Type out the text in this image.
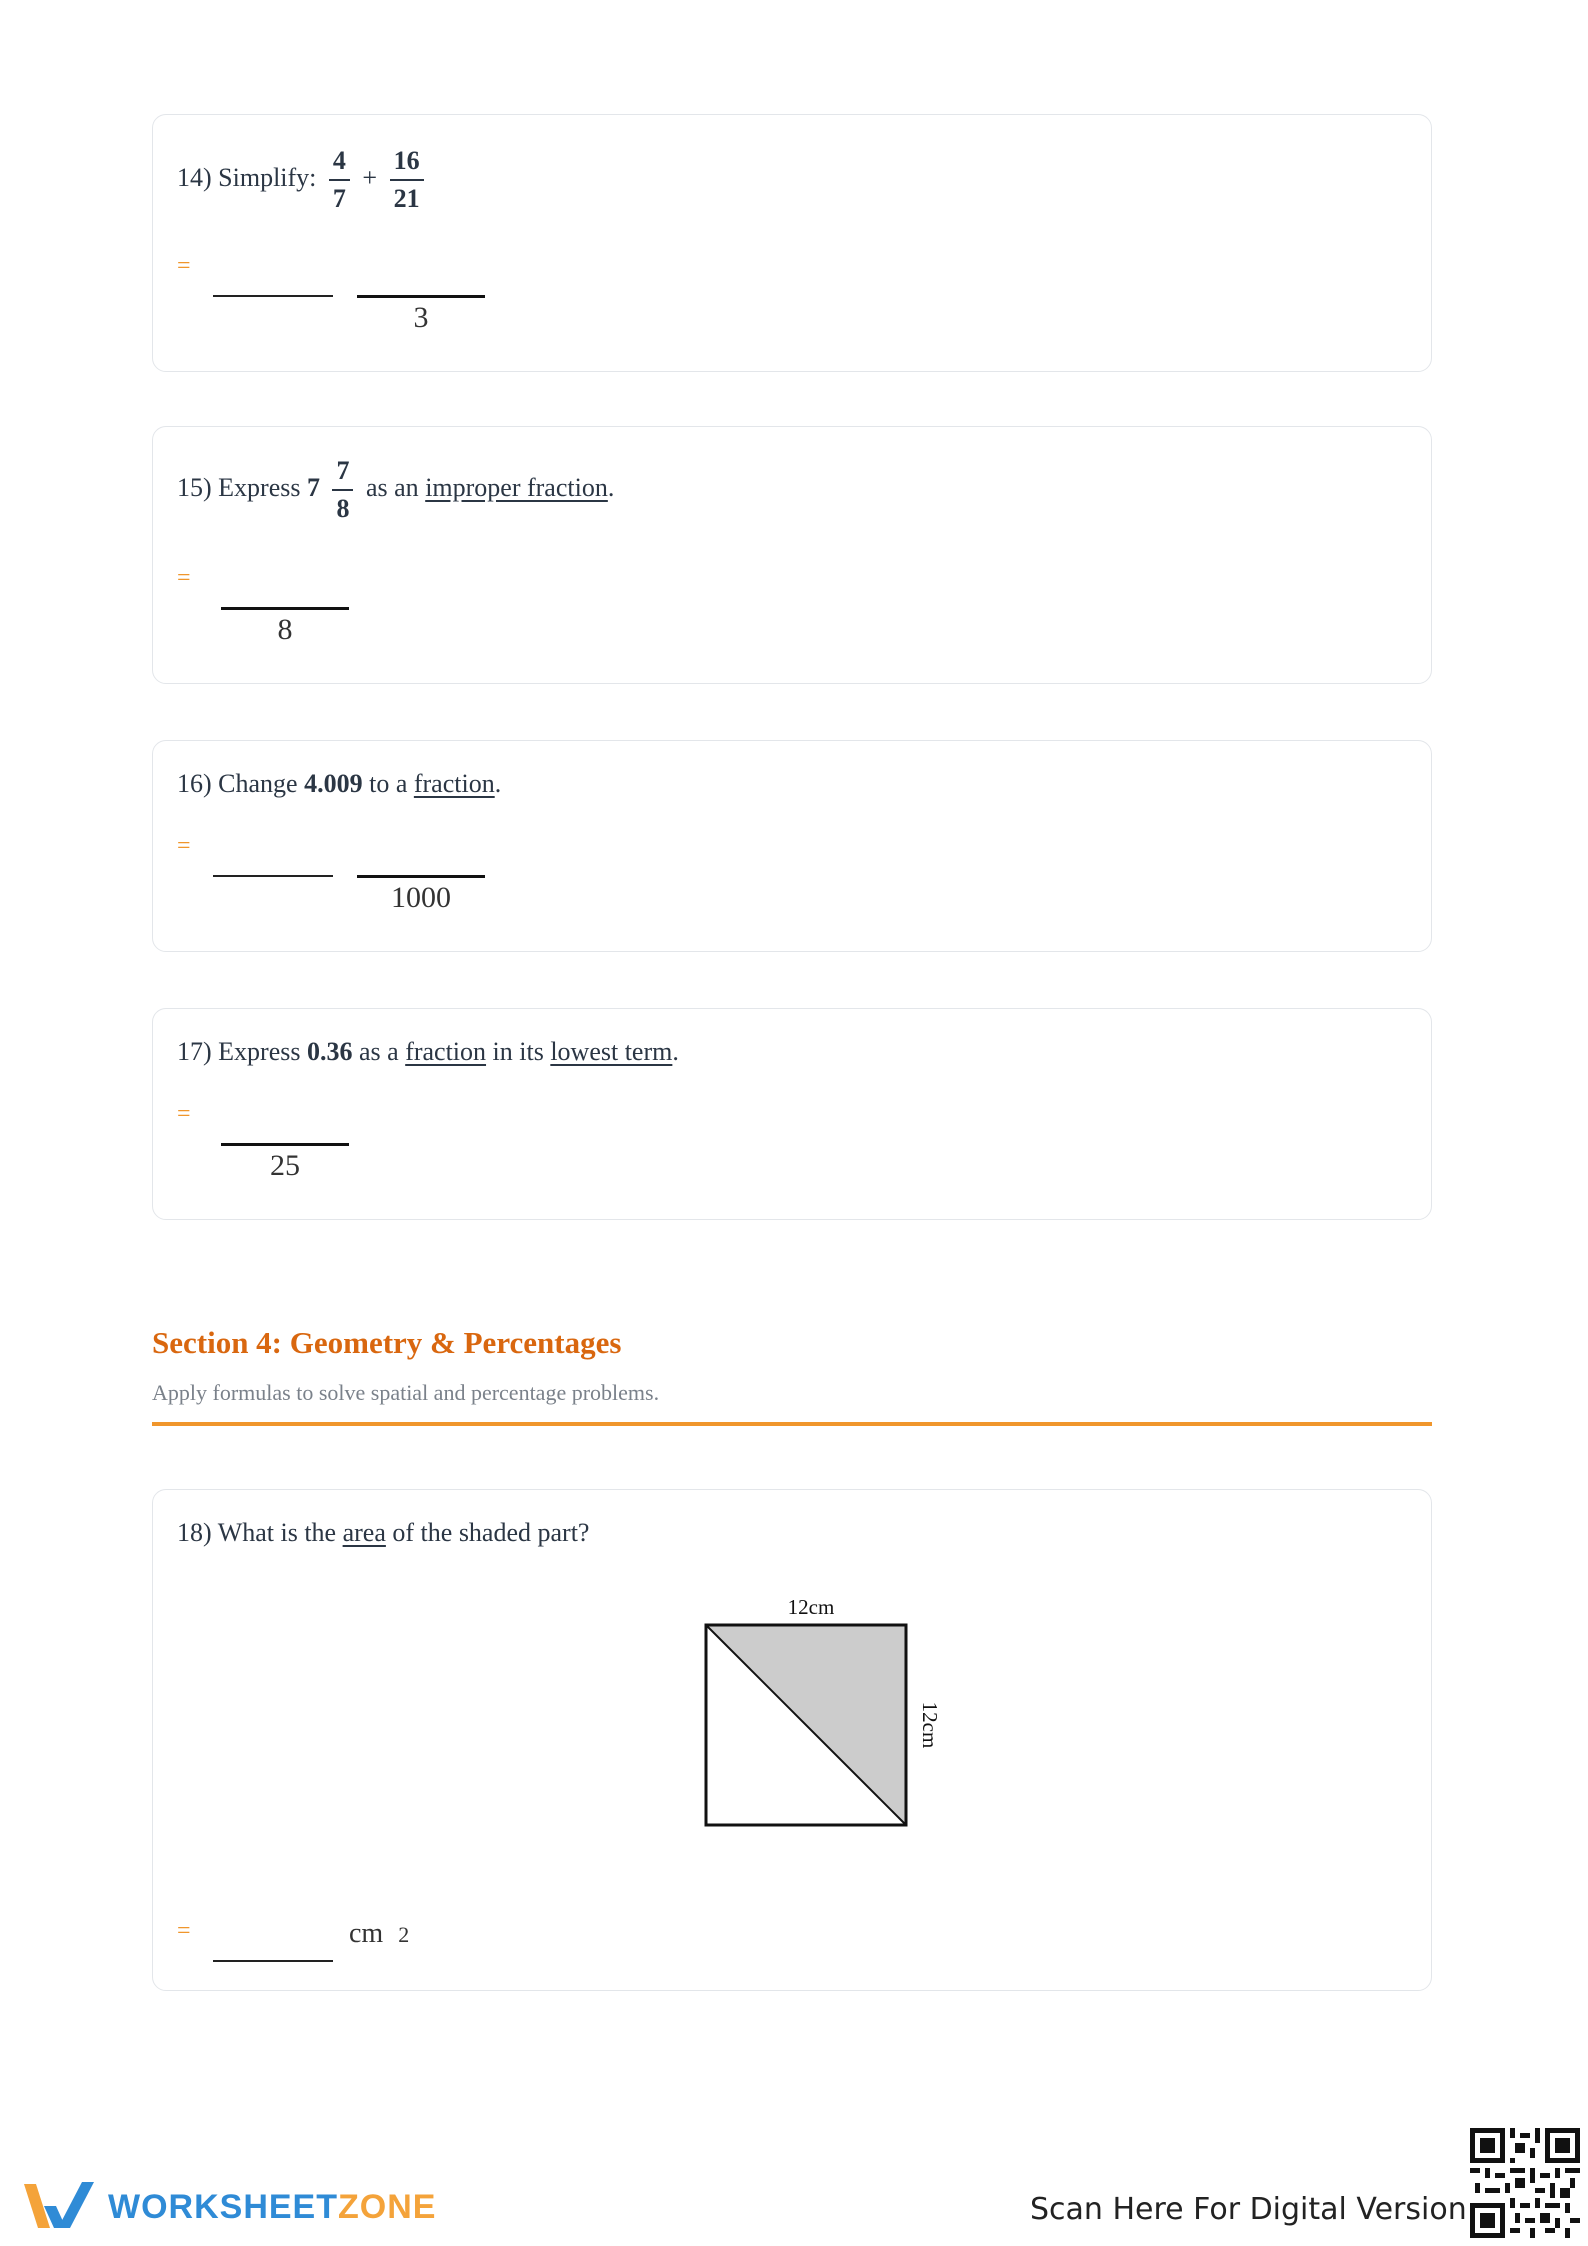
14) Simplify: $\frac{4}{7} + \frac{16}{21}$
=
3
15) Express $7 \frac{7}{8}$ as an improper fraction.
=
8
16) Change 4.009 to a fraction.
=
1000
17) Express 0.36 as a fraction in its lowest term.
=
25
Section 4: Geometry & Percentages
Apply formulas to solve spatial and percentage problems.
18) What is the area of the shaded part?
12cm
12cm
=	cm 2
WORKSHEETZONE	Scan Here For Digital Version
